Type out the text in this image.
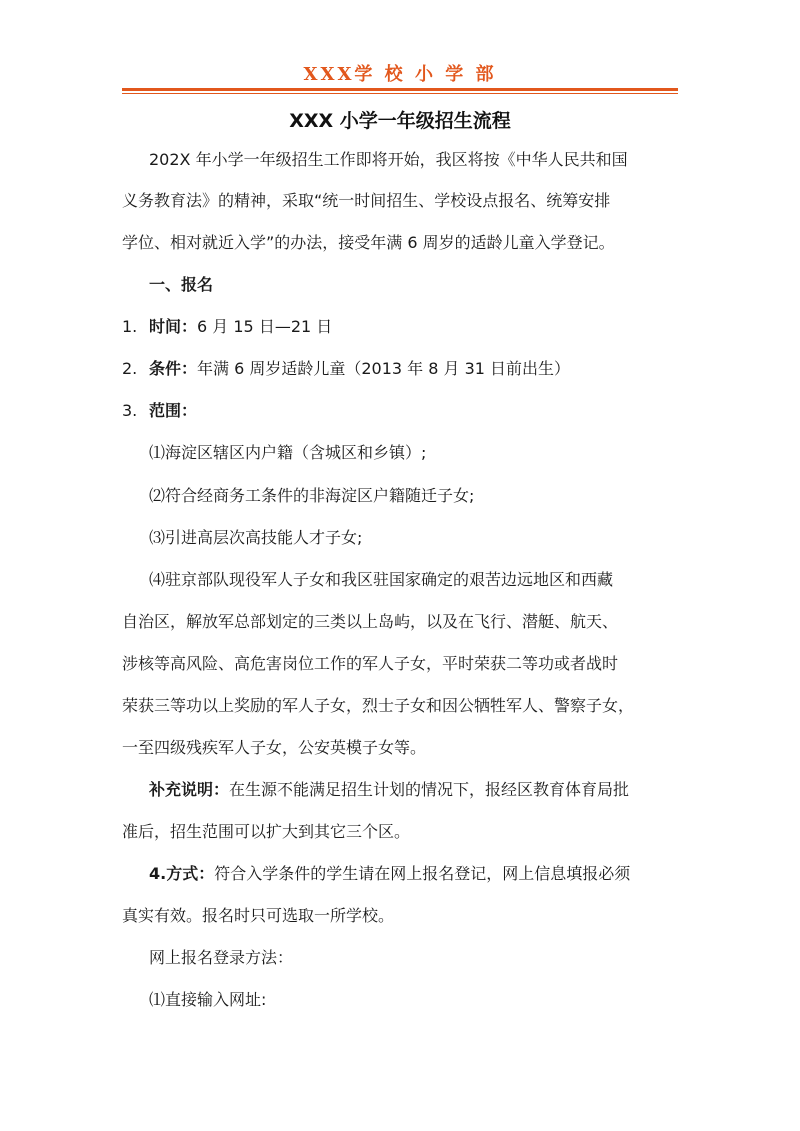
XXX学 校 小 学 部
XXX 小学一年级招生流程
202X 年小学一年级招生工作即将开始，我区将按《中华人民共和国
义务教育法》的精神，采取“统一时间招生、学校设点报名、统筹安排
学位、相对就近入学”的办法，接受年满 6 周岁的适龄儿童入学登记。
一、报名
1. 时间：6 月 15 日—21 日
2. 条件：年满 6 周岁适龄儿童（2013 年 8 月 31 日前出生）
3. 范围：
⑴海淀区辖区内户籍（含城区和乡镇）;
⑵符合经商务工条件的非海淀区户籍随迁子女;
⑶引进高层次高技能人才子女;
⑷驻京部队现役军人子女和我区驻国家确定的艰苦边远地区和西藏
自治区，解放军总部划定的三类以上岛屿，以及在飞行、潜艇、航天、
涉核等高风险、高危害岗位工作的军人子女，平时荣获二等功或者战时
荣获三等功以上奖励的军人子女，烈士子女和因公牺牲军人、警察子女，
一至四级残疾军人子女，公安英模子女等。
补充说明：在生源不能满足招生计划的情况下，报经区教育体育局批
准后，招生范围可以扩大到其它三个区。
4.方式：符合入学条件的学生请在网上报名登记，网上信息填报必须
真实有效。报名时只可选取一所学校。
网上报名登录方法：
⑴直接输入网址:
